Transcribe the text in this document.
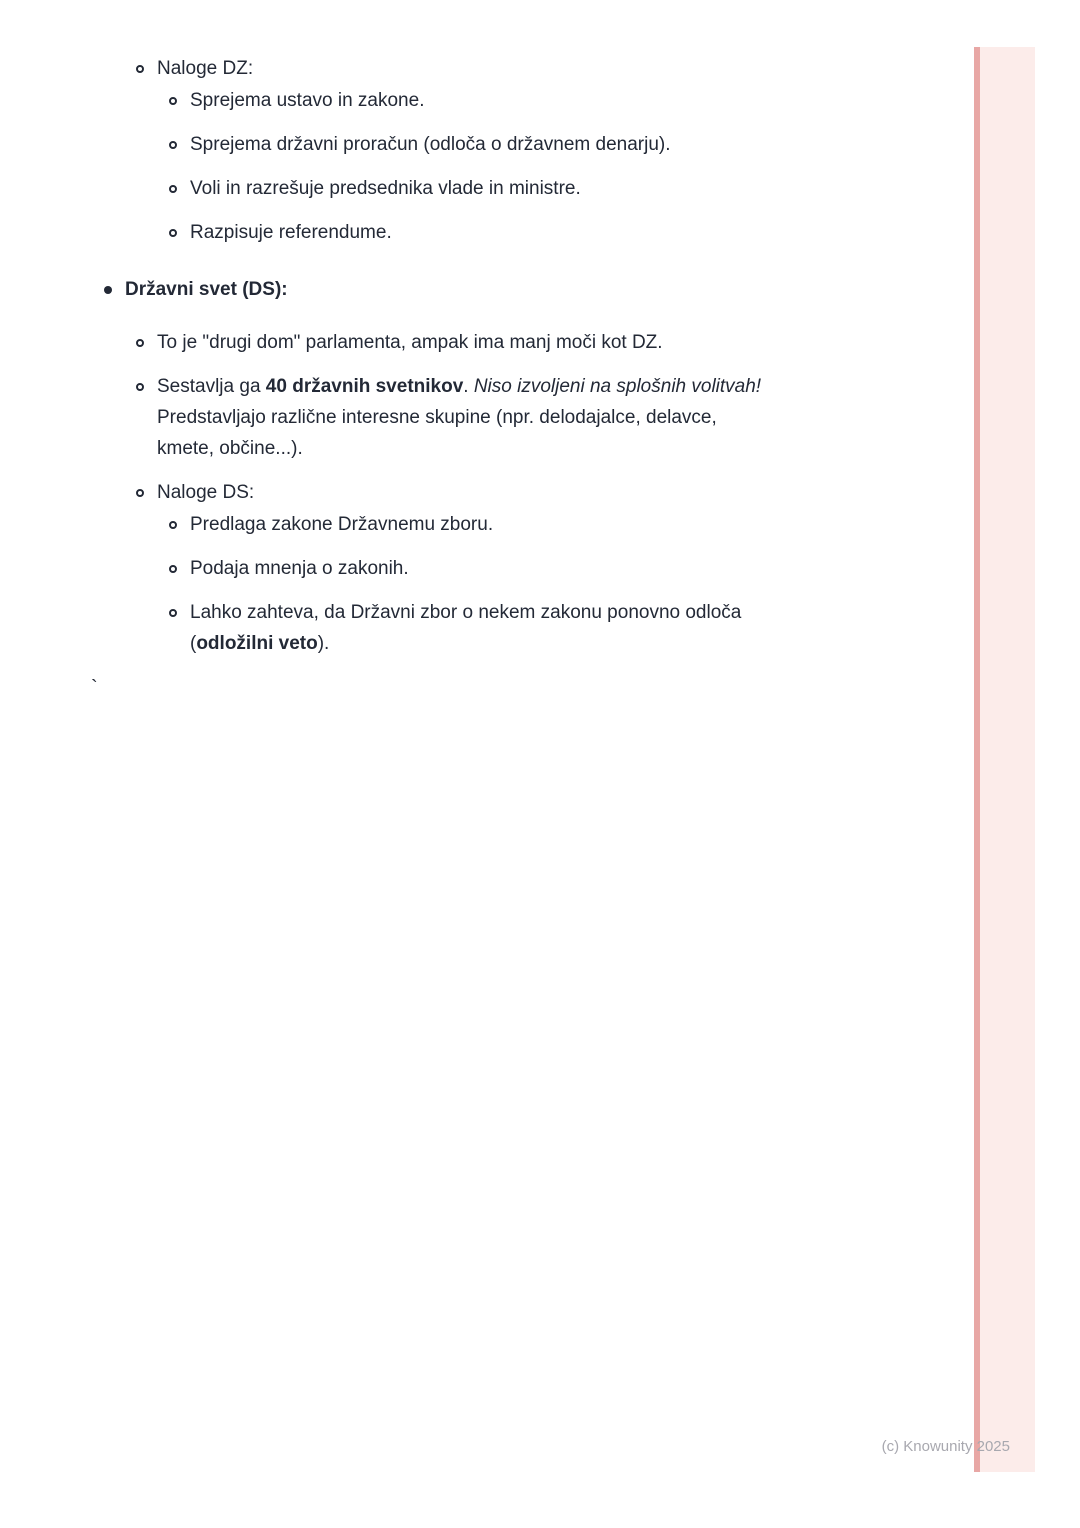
Naloge DZ:
Sprejema ustavo in zakone.
Sprejema državni proračun (odloča o državnem denarju).
Voli in razrešuje predsednika vlade in ministre.
Razpisuje referendume.
Državni svet (DS):
To je "drugi dom" parlamenta, ampak ima manj moči kot DZ.
Sestavlja ga 40 državnih svetnikov. Niso izvoljeni na splošnih volitvah!
Predstavljajo različne interesne skupine (npr. delodajalce, delavce,
kmete, občine...).
Naloge DS:
Predlaga zakone Državnemu zboru.
Podaja mnenja o zakonih.
Lahko zahteva, da Državni zbor o nekem zakonu ponovno odloča
(odložilni veto).
`
(c) Knowunity 2025
